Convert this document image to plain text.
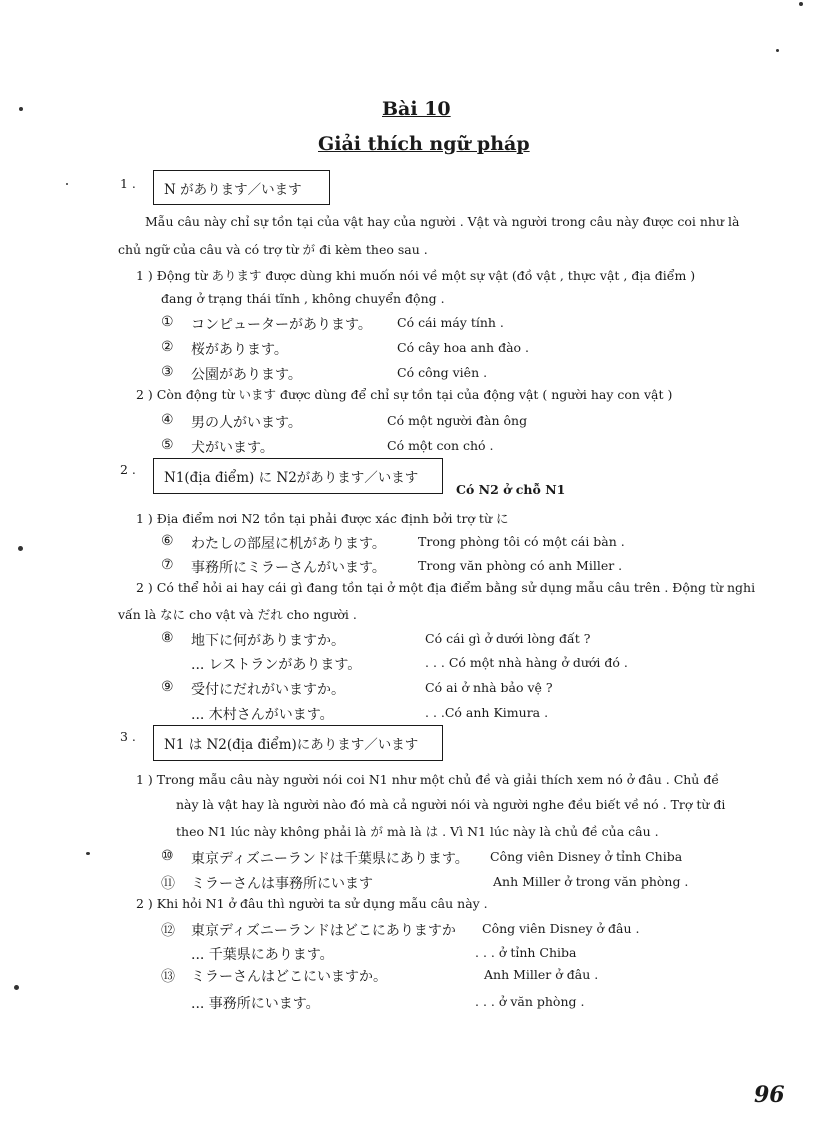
Bài 10
Giải thích ngữ pháp
1 . N があります／います
Mẫu câu này chỉ sự tồn tại của vật hay của người . Vật và người trong câu này được coi như là
chủ ngữ của câu và có trợ từ が đi kèm theo sau .
1 ) Động từ あります được dùng khi muốn nói về một sự vật (đồ vật , thực vật , địa điểm )
đang ở trạng thái tĩnh , không chuyển động .
① コンピューターがあります。 Có cái máy tính .
② 桜があります。	Có cây hoa anh đào .
③ 公園があります。	Có công viên .
2 ) Còn động từ います được dùng để chỉ sự tồn tại của động vật ( người hay con vật )
④ 男の人がいます。	Có một người đàn ông
⑤ 犬がいます。	Có một con chó .
2 .
N1(địa điểm) に N2があります／います
Có N2 ở chỗ N1
1 ) Địa điểm nơi N2 tồn tại phải được xác định bởi trợ từ に
⑥ わたしの部屋に机があります。	Trong phòng tôi có một cái bàn .
⑦ 事務所にミラーさんがいます。	Trong văn phòng có anh Miller .
2 ) Có thể hỏi ai hay cái gì đang tồn tại ở một địa điểm bằng sử dụng mẫu câu trên . Động từ nghi
vấn là なに cho vật và だれ cho người .
⑧ 地下に何がありますか。	Có cái gì ở dưới lòng đất ?
... レストランがあります。	. . . Có một nhà hàng ở dưới đó .
⑨ 受付にだれがいますか。	Có ai ở nhà bảo vệ ?
... 木村さんがいます。	. . .Có anh Kimura .
3 .
N1 は N2(địa điểm)にあります／います
1 ) Trong mẫu câu này người nói coi N1 như một chủ đề và giải thích xem nó ở đâu . Chủ đề
này là vật hay là người nào đó mà cả người nói và người nghe đều biết về nó . Trợ từ đi
theo N1 lúc này không phải là が mà là は . Vì N1 lúc này là chủ đề của câu .
⑩ 東京ディズニーランドは千葉県にあります。 Công viên Disney ở tỉnh Chiba
⑪ ミラーさんは事務所にいます	Anh Miller ở trong văn phòng .
2 ) Khi hỏi N1 ở đâu thì người ta sử dụng mẫu câu này .
⑫ 東京ディズニーランドはどこにありますか Công viên Disney ở đâu .
... 千葉県にあります。	. . . ở tỉnh Chiba
⑬ ミラーさんはどこにいますか。	Anh Miller ở đâu .
... 事務所にいます。	. . . ở văn phòng .
96
